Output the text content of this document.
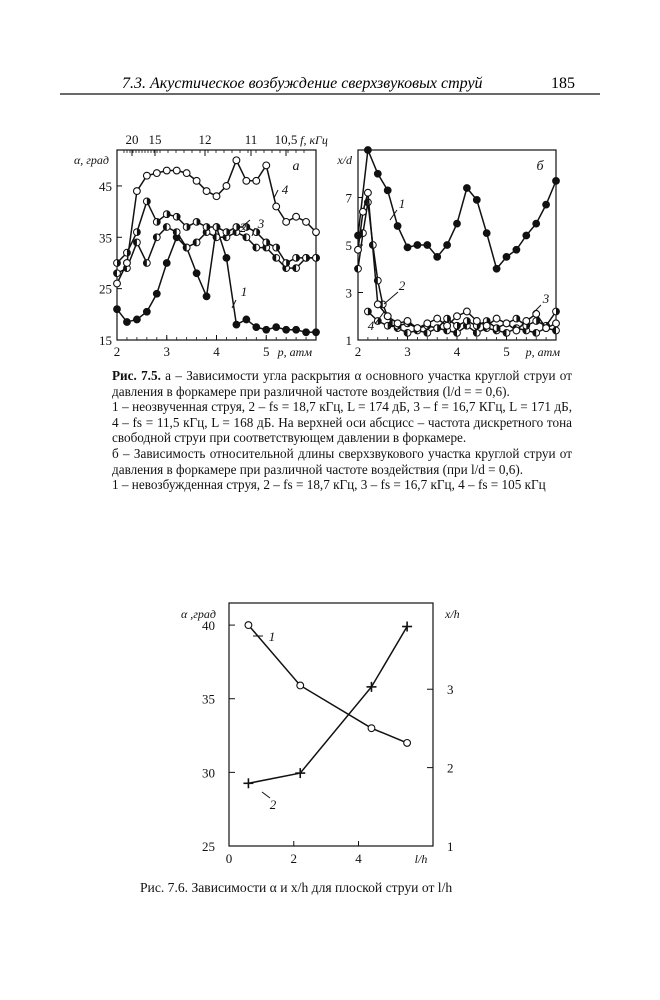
7.3. Акустическое возбуждение сверхзвуковых струй	185
2	3	4	5 p, атм
15
25
35
45
α, град
20 15	12	11 10,5 f, кГц
а
1
2 3
4
2	3	4	5 p, атм
1
3
5
7
x/d	б
1
2
3
4
0	2	4	l/h
25
30
35
40
1
2
3
α ,град	x/h
1
2

Рис. 7.5. а – Зависимости угла раскрытия α основного участка круглой струи от давления в форкамере при различной частоте воздействия (l/d = = 0,6).

1 – неозвученная струя, 2 – fs = 18,7 кГц, L = 174 дБ, 3 – f = 16,7 КГц, L = 171 дБ, 4 – fs = 11,5 кГц, L = 168 дБ. На верхней оси абсцисс – частота дискретного тона свободной струи при соответствующем давлении в форкамере.

б – Зависимость относительной длины сверхзвукового участка круглой струи от давления в форкамере при различной частоте воздействия (при l/d = 0,6).

1 – невозбужденная струя, 2 – fs = 18,7 кГц, 3 – fs = 16,7 кГц, 4 – fs = 105 кГц

Рис. 7.6. Зависимости α и x/h для плоской струи от l/h
